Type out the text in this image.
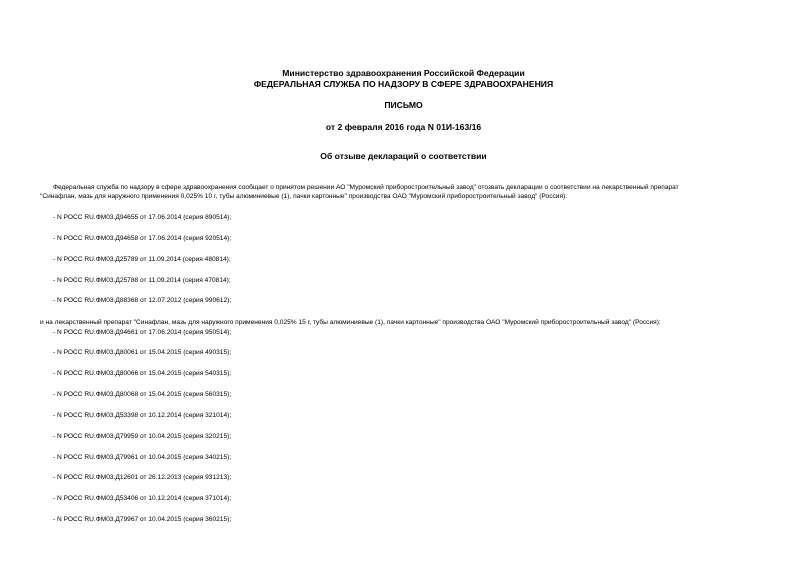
Министерство здравоохранения Российской Федерации
ФЕДЕРАЛЬНАЯ СЛУЖБА ПО НАДЗОРУ В СФЕРЕ ЗДРАВООХРАНЕНИЯ
ПИСЬМО
от 2 февраля 2016 года N 01И-163/16
Об отзыве деклараций о соответствии
Федеральная служба по надзору в сфере здравоохранения сообщает о принятом решении АО "Муромский приборостроительный завод" отозвать декларации о соответствии на лекарственный препарат
"Синафлан, мазь для наружного применения 0,025% 10 г, тубы алюминиевые (1), пачки картонные" производства ОАО "Муромский приборостроительный завод" (Россия):
- N РОСС RU.ФМ03.Д94655 от 17.06.2014 (серия 890514);
- N РОСС RU.ФМ03.Д94658 от 17.06.2014 (серия 920514);
- N РОСС RU.ФМ03.Д25789 от 11.09.2014 (серия 480814);
- N РОСС RU.ФМ03.Д25788 от 11.09.2014 (серия 470814);
- N РОСС RU.ФМ03.Д88368 от 12.07.2012 (серия 990612);
и на лекарственный препарат "Синафлан, мазь для наружного применения 0,025% 15 г, тубы алюминиевые (1), пачки картонные" производства ОАО "Муромский приборостроительный завод" (Россия):
- N РОСС RU.ФМ03.Д94661 от 17.06.2014 (серия 950514);
- N РОСС RU.ФМ03.Д80061 от 15.04.2015 (серия 490315);
- N РОСС RU.ФМ03.Д80066 от 15.04.2015 (серия 540315);
- N РОСС RU.ФМ03.Д80068 от 15.04.2015 (серия 560315);
- N РОСС RU.ФМ03.Д53398 от 10.12.2014 (серия 321014);
- N РОСС RU.ФМ03.Д79959 от 10.04.2015 (серия 320215);
- N РОСС RU.ФМ03.Д79961 от 10.04.2015 (серия 340215);
- N РОСС RU.ФМ03.Д12601 от 26.12.2013 (серия 931213);
- N РОСС RU.ФМ03.Д53406 от 10.12.2014 (серия 371014);
- N РОСС RU.ФМ03.Д79967 от 10.04.2015 (серия 360215);
